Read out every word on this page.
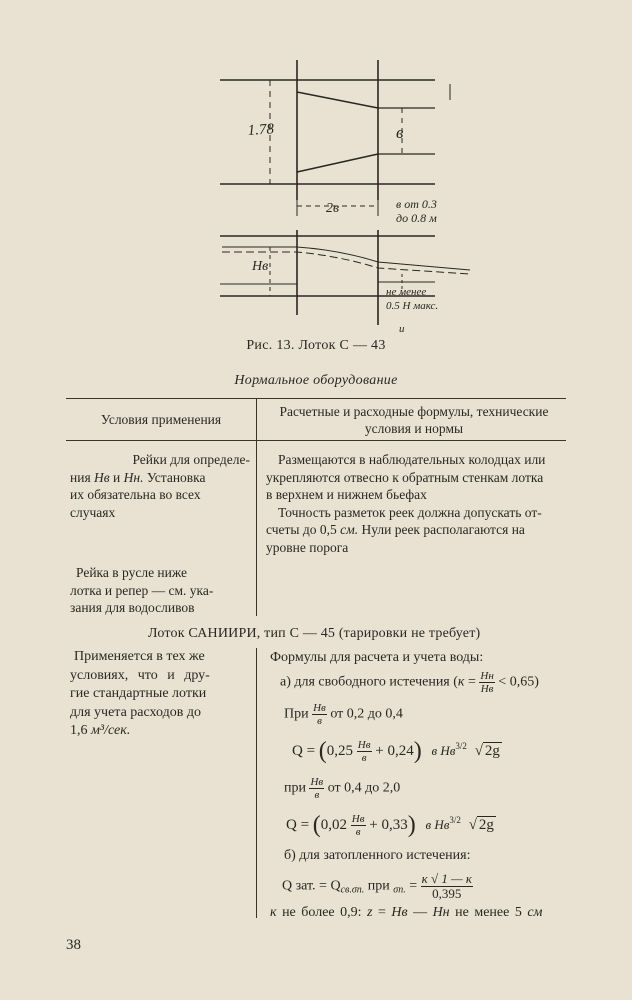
1.78	в
2в	в от 0.3
до 0.8 м
Нв
не менее
0.5 Н макс.
и
Рис. 13. Лоток С — 43
Нормальное оборудование
Условия применения
Расчетные и расходные формулы, технические
условия и нормы
Рейки для определе-
ния Нв и Нн. Установка
их обязательна во всех
случаях
Размещаются в наблюдательных колодцах или
укрепляются отвесно к обратным стенкам лотка
в верхнем и нижнем бьефах
Точность разметок реек должна допускать от-
счеты до 0,5 см. Нули реек располагаются на
уровне порога
Рейка в русле ниже
лотка и репер — см. ука-
зания для водосливов
Лоток САНИИРИ, тип С — 45 (тарировки не требует)
Применяется в тех же
условиях, что и дру-
гие стандартные лотки
для учета расходов до
1,6 м³/сек.
Формулы для расчета и учета воды:
а) для свободного истечения $(к = \frac{Нн}{Нв} < 0,65)$
При $\frac{Нв}{в}$ от 0,2 до 0,4
$Q = (0,25 \frac{Нв}{в} + 0,24)$ в $Нв^{3/2}$ √ 2g
при $\frac{Нв}{в}$ от 0,4 до 2,0
$Q = (0,02 \frac{Нв}{в} + 0,33)$ в $Нв^{3/2}$ √ 2g
б) для затопленного истечения:
Q зат. = $Q_{св.\sigma п.}$ при $_{\sigma п.} = \frac{к √ 1 — к}{0,395}$
к не более 0,9: z = Нв — Нн не менее 5 см
38
